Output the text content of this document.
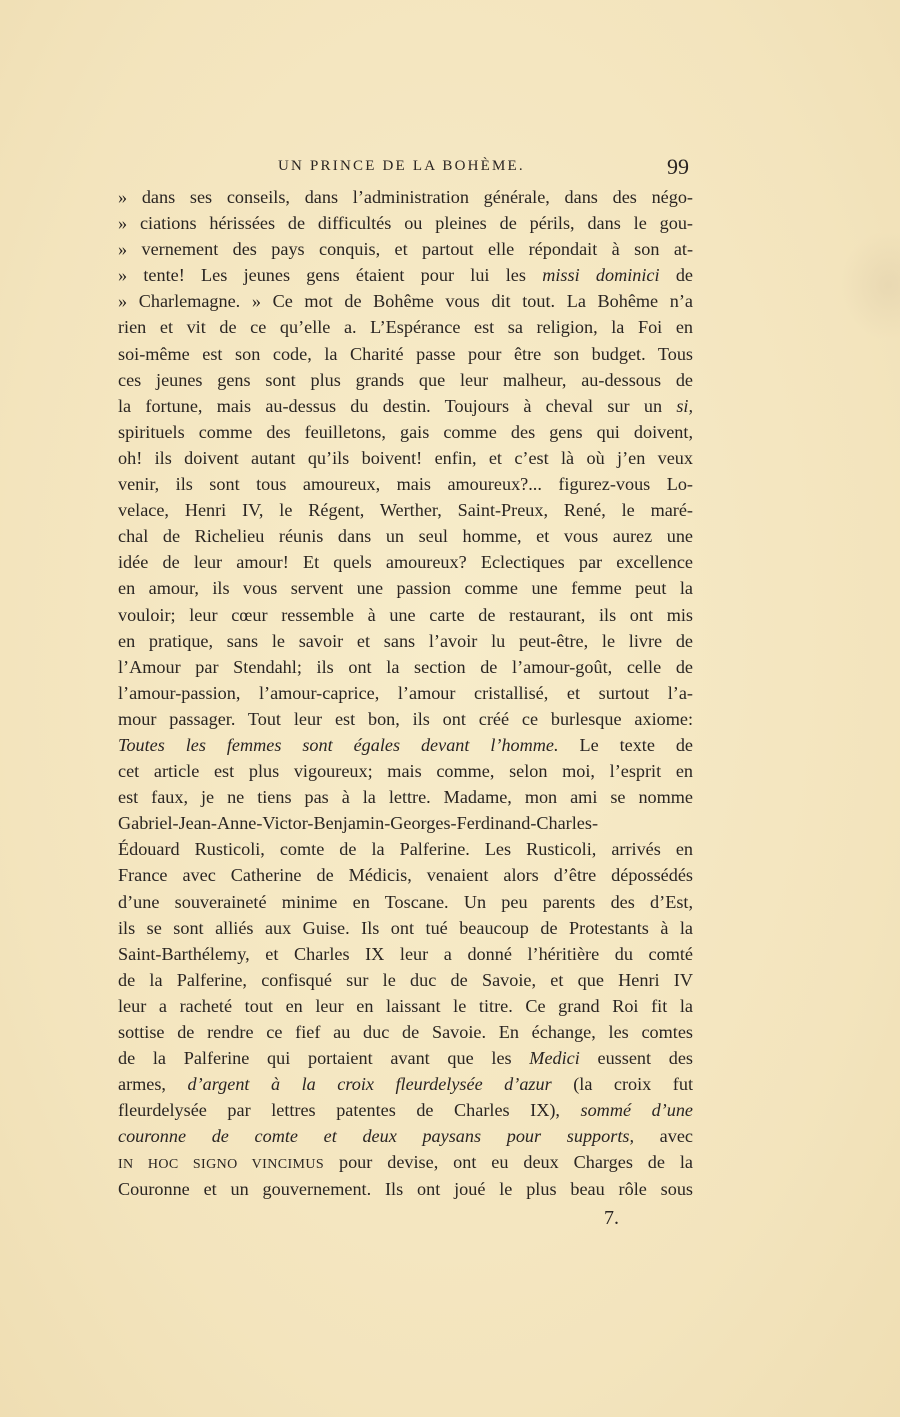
UN PRINCE DE LA BOHÈME.	99
» dans ses conseils, dans l’administration générale, dans des négo-
» ciations hérissées de difficultés ou pleines de périls, dans le gou-
» vernement des pays conquis, et partout elle répondait à son at-
» tente! Les jeunes gens étaient pour lui les missi dominici de
» Charlemagne. » Ce mot de Bohême vous dit tout. La Bohême n’a
rien et vit de ce qu’elle a. L’Espérance est sa religion, la Foi en
soi-même est son code, la Charité passe pour être son budget. Tous
ces jeunes gens sont plus grands que leur malheur, au-dessous de
la fortune, mais au-dessus du destin. Toujours à cheval sur un si,
spirituels comme des feuilletons, gais comme des gens qui doivent,
oh! ils doivent autant qu’ils boivent! enfin, et c’est là où j’en veux
venir, ils sont tous amoureux, mais amoureux?... figurez-vous Lo-
velace, Henri IV, le Régent, Werther, Saint-Preux, René, le maré-
chal de Richelieu réunis dans un seul homme, et vous aurez une
idée de leur amour! Et quels amoureux? Eclectiques par excellence
en amour, ils vous servent une passion comme une femme peut la
vouloir; leur cœur ressemble à une carte de restaurant, ils ont mis
en pratique, sans le savoir et sans l’avoir lu peut-être, le livre de
l’Amour par Stendahl; ils ont la section de l’amour-goût, celle de
l’amour-passion, l’amour-caprice, l’amour cristallisé, et surtout l’a-
mour passager. Tout leur est bon, ils ont créé ce burlesque axiome:
Toutes les femmes sont égales devant l’homme. Le texte de
cet article est plus vigoureux; mais comme, selon moi, l’esprit en
est faux, je ne tiens pas à la lettre. Madame, mon ami se nomme
Gabriel-Jean-Anne-Victor-Benjamin-Georges-Ferdinand-Charles-
Édouard Rusticoli, comte de la Palferine. Les Rusticoli, arrivés en
France avec Catherine de Médicis, venaient alors d’être dépossédés
d’une souveraineté minime en Toscane. Un peu parents des d’Est,
ils se sont alliés aux Guise. Ils ont tué beaucoup de Protestants à la
Saint-Barthélemy, et Charles IX leur a donné l’héritière du comté
de la Palferine, confisqué sur le duc de Savoie, et que Henri IV
leur a racheté tout en leur en laissant le titre. Ce grand Roi fit la
sottise de rendre ce fief au duc de Savoie. En échange, les comtes
de la Palferine qui portaient avant que les Medici eussent des
armes, d’argent à la croix fleurdelysée d’azur (la croix fut
fleurdelysée par lettres patentes de Charles IX), sommé d’une
couronne de comte et deux paysans pour supports, avec
IN HOC SIGNO VINCIMUS pour devise, ont eu deux Charges de la
Couronne et un gouvernement. Ils ont joué le plus beau rôle sous
7.
